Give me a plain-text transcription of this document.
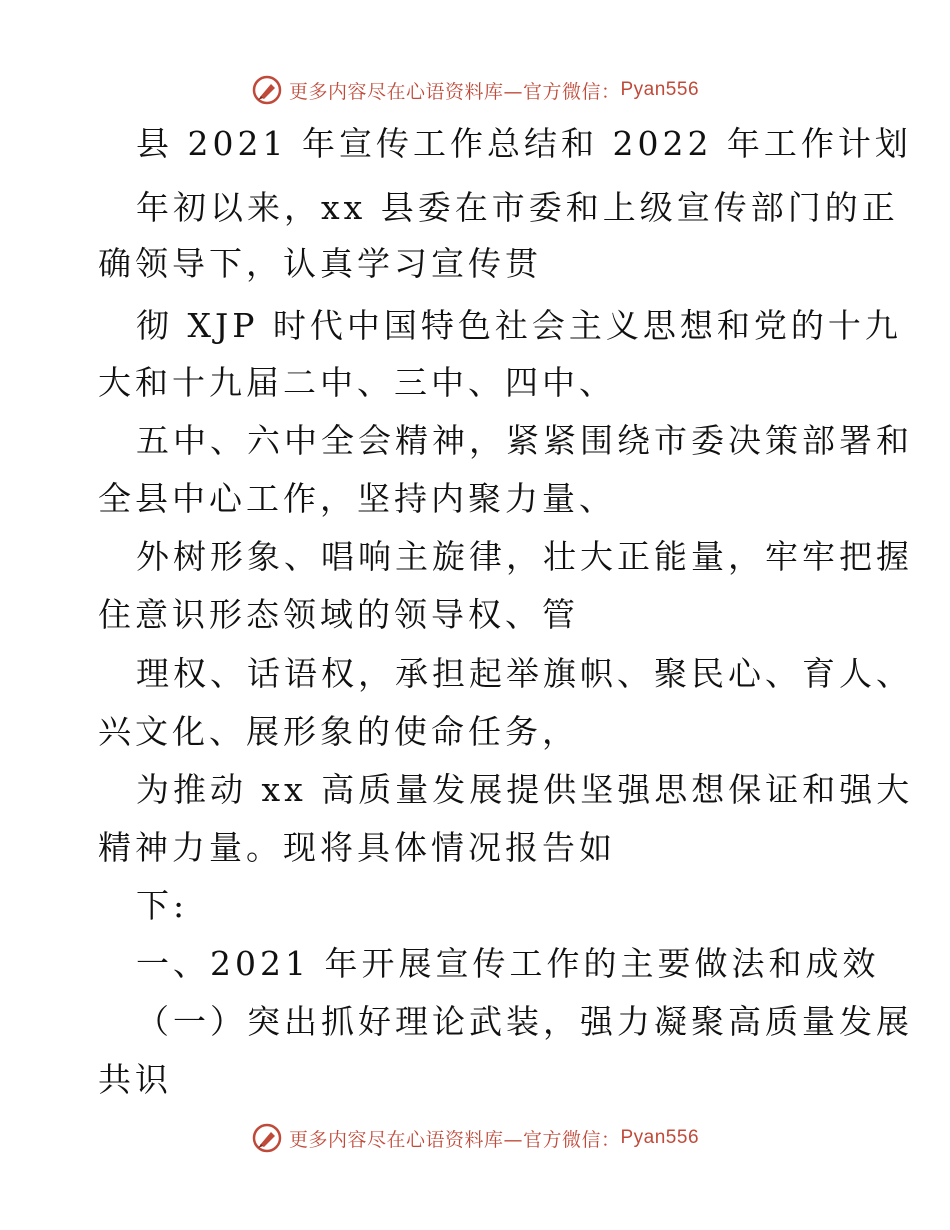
更多内容尽在心语资料库—官方微信： Pyan556
县 2021 年宣传工作总结和 2022 年工作计划
年初以来，xx 县委在市委和上级宣传部门的正
确领导下，认真学习宣传贯
彻 XJP 时代中国特色社会主义思想和党的十九
大和十九届二中、三中、四中、
五中、六中全会精神，紧紧围绕市委决策部署和
全县中心工作，坚持内聚力量、
外树形象、唱响主旋律，壮大正能量，牢牢把握
住意识形态领域的领导权、管
理权、话语权，承担起举旗帜、聚民心、育人、
兴文化、展形象的使命任务，
为推动 xx 高质量发展提供坚强思想保证和强大
精神力量。现将具体情况报告如
下:
一、2021 年开展宣传工作的主要做法和成效
（一）突出抓好理论武装，强力凝聚高质量发展
共识
更多内容尽在心语资料库—官方微信： Pyan556
